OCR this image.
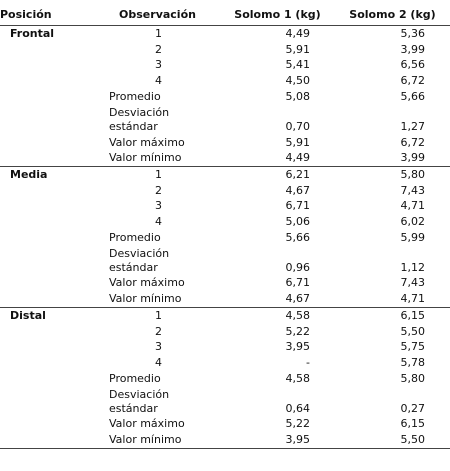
Posición	Observación	Solomo 1 (kg)	Solomo 2 (kg)
Frontal	1	4,49	5,36
	2	5,91	3,99
	3	5,41	6,56
	4	4,50	6,72
	Promedio	5,08	5,66
	Desviación estándar	0,70	1,27
	Valor máximo	5,91	6,72
	Valor mínimo	4,49	3,99
Media	1	6,21	5,80
	2	4,67	7,43
	3	6,71	4,71
	4	5,06	6,02
	Promedio	5,66	5,99
	Desviación estándar	0,96	1,12
	Valor máximo	6,71	7,43
	Valor mínimo	4,67	4,71
Distal	1	4,58	6,15
	2	5,22	5,50
	3	3,95	5,75
	4	-	5,78
	Promedio	4,58	5,80
	Desviación estándar	0,64	0,27
	Valor máximo	5,22	6,15
	Valor mínimo	3,95	5,50
